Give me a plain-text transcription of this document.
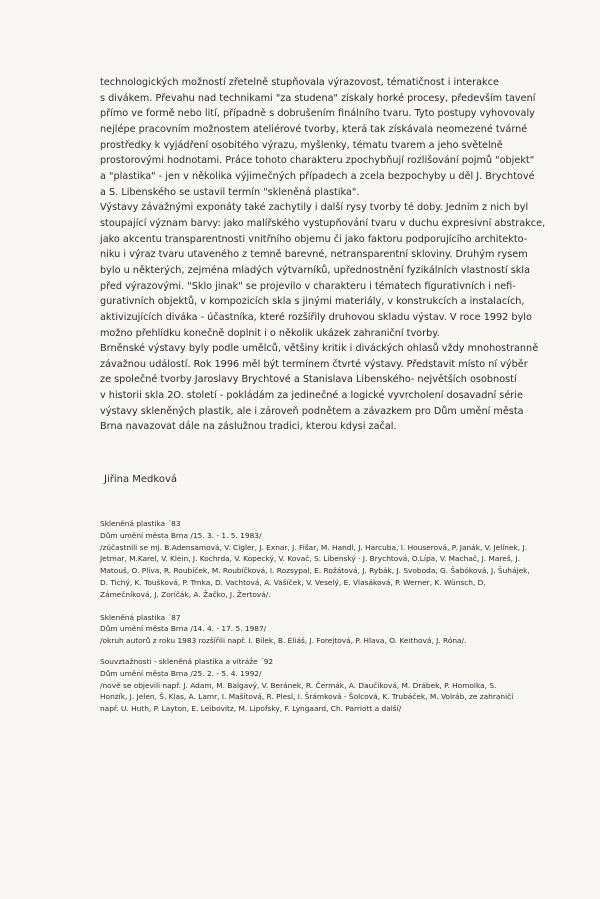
technologických možností zřetelně stupňovala výrazovost, tématičnost i interakce
s divákem. Převahu nad technikami "za studena" získaly horké procesy, především tavení
přímo ve formě nebo lití, případně s dobrušením finálního tvaru. Tyto postupy vyhovovaly
nejlépe pracovním možnostem ateliérové tvorby, která tak získávala neomezené tvárné
prostředky k vyjádření osobitého výrazu, myšlenky, tématu tvarem a jeho světelně
prostorovými hodnotami. Práce tohoto charakteru zpochybňují rozlišování pojmů "objekt"
a "plastika" - jen v několika výjimečných případech a zcela bezpochyby u děl J. Brychtové
a S. Libenského se ustavil termín "skleněná plastika".

Výstavy závažnými exponáty také zachytily i další rysy tvorby té doby. Jedním z nich byl
stoupající význam barvy: jako malířského vystupňování tvaru v duchu expresivní abstrakce,
jako akcentu transparentnosti vnitřního objemu či jako faktoru podporujícího architekto-
niku i výraz tvaru utaveného z temně barevné, netransparentní skloviny. Druhým rysem
bylo u některých, zejména mladých výtvarníků, upřednostnění fyzikálních vlastností skla
před výrazovými. "Sklo jinak" se projevilo v charakteru i tématech figurativních i nefi-
gurativních objektů, v kompozicích skla s jinými materiály, v konstrukcích a instalacích,
aktivizujících diváka - účastníka, které rozšířily druhovou skladu výstav. V roce 1992 bylo
možno přehlídku konečně doplnit i o několik ukázek zahraniční tvorby.

Brněnské výstavy byly podle umělců, většiny kritik i diváckých ohlasů vždy mnohostranně
závažnou událostí. Rok 1996 měl být termínem čtvrté výstavy. Představit místo ní výběr
ze společné tvorby Jaroslavy Brychtové a Stanislava Libenského- největších osobností
v historii skla 2O. století - pokládám za jedinečné a logické vyvrcholení dosavadní série
výstavy skleněných plastik, ale i zároveň podnětem a závazkem pro Dům umění města
Brna navazovat dále na záslužnou tradici, kterou kdysi začal.

Jiřina Medková

Skleněná plastika ´83

Dům umění města Brna /15. 3. - 1. 5. 1983/

/zúčastnili se mj. B.Adensamová, V. Cigler, J. Exnar, J. Fišar, M. Handl, J. Harcuba, I. Houserová, P. Janák, V. Jelínek, J.

Jetmar, M.Karel, V. Klein, J. Kochrda, V. Kopecký, V. Kovač, S. Libenský · J. Brychtová, O.Lípa, V. Machač, J. Mareš, J.

Matouš, O. Plíva, R. Roubíček, M. Roubíčková, I. Rozsypal, E. Rožátová, J. Rybák, J. Svoboda, G. Šabóková, J. Šuhájek,

D. Tichý, K. Toušková, P. Trnka, D. Vachtová, A. Vašíček, V. Veselý, E. Vlasáková, P. Werner, K. Wünsch, D.

Zámečníková, J. Zoríčák, A. Žačko, J. Žertová/.

Skleněná plastika ´87

Dům umění města Brna /14. 4. - 17. 5. 1987/

/okruh autorů z roku 1983 rozšířili např. I. Bílek, B. Eliáš, J. Forejtová, P. Hlava, O. Keithová, J. Róna/.

Souvztažnosti - skleněná plastika a vitráže ´92

Dům umění města Brna /25. 2. - 5. 4. 1992/

/nově se objevili např. J. Adam, M. Balgavý, V. Beránek, R. Čermák, A. Daučíková, M. Drábek, P. Homolka, S.

Honzík, J. Jelen, Š. Klas, A. Lamr, I. Mašitová, R. Plesl, I. Šrámková - Šolcová, K. Trubáček, M. Volráb, ze zahraničí

např. U. Huth, P. Layton, E. Leibovitz, M. Lipofsky, F. Lyngaard, Ch. Parriott a další/
